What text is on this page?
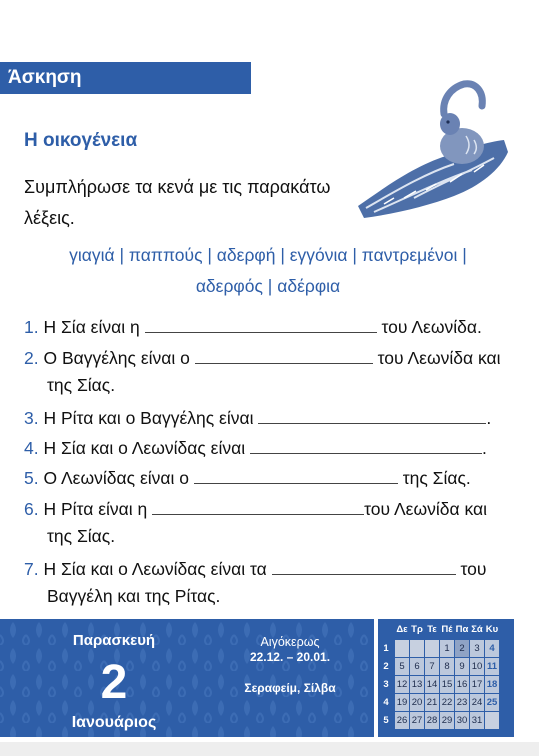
Άσκηση
Η οικογένεια
Συμπλήρωσε τα κενά με τις παρακάτω λέξεις.
γιαγιά | παππούς | αδερφή | εγγόνια | παντρεμένοι |
αδερφός | αδέρφια
1. Η Σία είναι η	του Λεωνίδα.
2. Ο Βαγγέλης είναι ο	του Λεωνίδα και
της Σίας.
3. Η Ρίτα και ο Βαγγέλης είναι	.
4. Η Σία και ο Λεωνίδας είναι	.
5. Ο Λεωνίδας είναι ο	της Σίας.
6. Η Ρίτα είναι η	του Λεωνίδα και
της Σίας.
7. Η Σία και ο Λεωνίδας είναι τα	του
Βαγγέλη και της Ρίτας.
Παρασκευή
2
Ιανουάριος
Αιγόκερως
22.12. – 20.01.
Σεραφείμ, Σίλβα
	Δε	Τρ	Τε	Πέ	Πα	Σά	Κυ
1				1	2	3	4
2	5	6	7	8	9	10	11
3	12	13	14	15	16	17	18
4	19	20	21	22	23	24	25
5	26	27	28	29	30	31	
